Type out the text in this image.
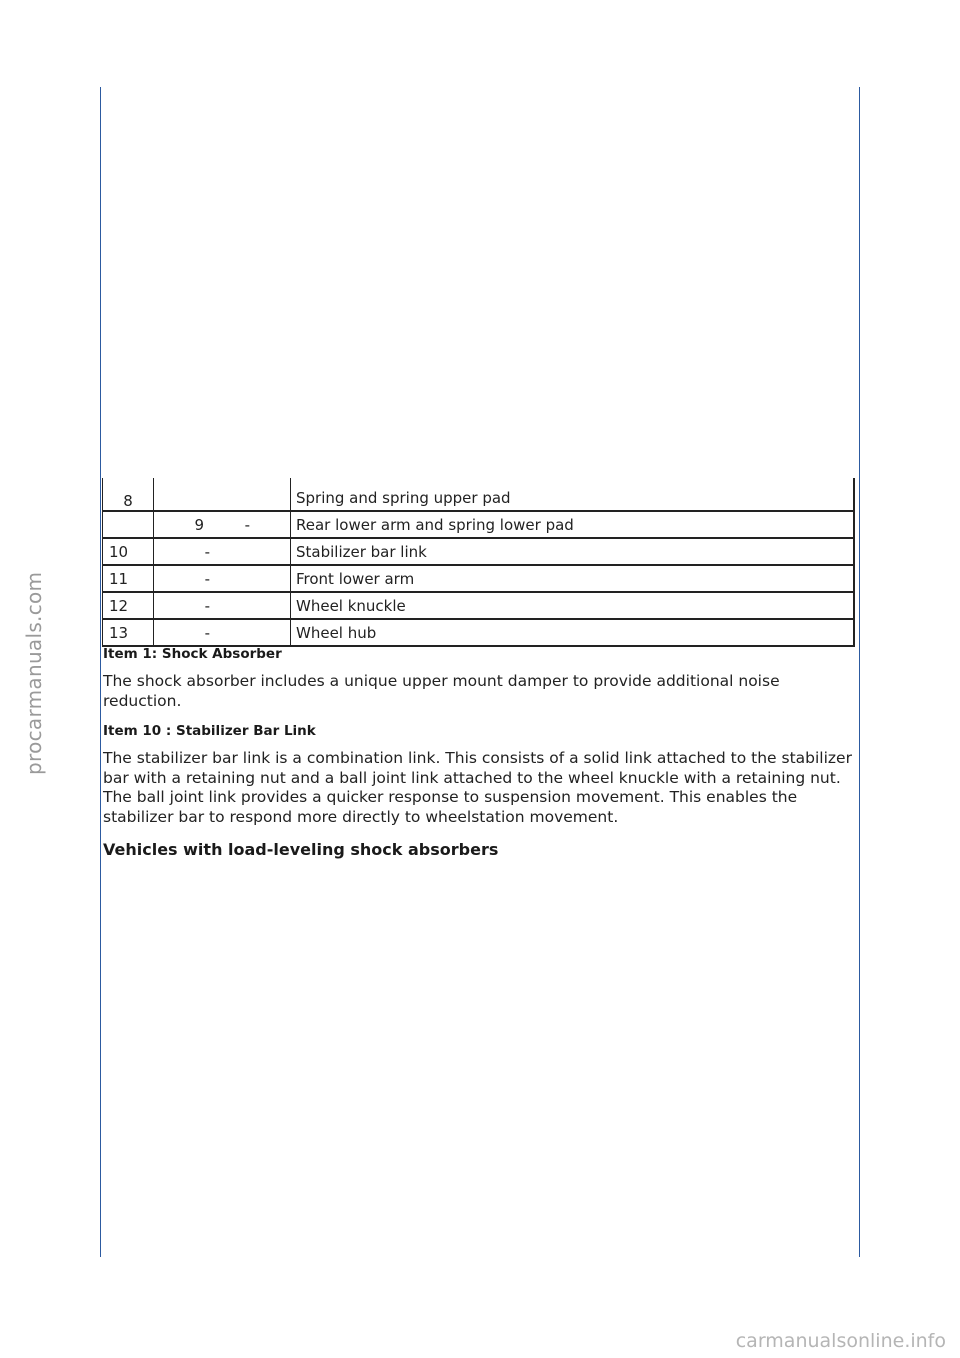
procarmanuals.com
8		Spring and spring upper pad
	9 -	Rear lower arm and spring lower pad
10	-	Stabilizer bar link
11	-	Front lower arm
12	-	Wheel knuckle
13	-	Wheel hub

Item 1: Shock Absorber

The shock absorber includes a unique upper mount damper to provide additional noise reduction.

Item 10 : Stabilizer Bar Link

The stabilizer bar link is a combination link. This consists of a solid link attached to the stabilizer bar with a retaining nut and a ball joint link attached to the wheel knuckle with a retaining nut. The ball joint link provides a quicker response to suspension movement. This enables the stabilizer bar to respond more directly to wheelstation movement.

Vehicles with load-leveling shock absorbers

carmanualsonline.info
